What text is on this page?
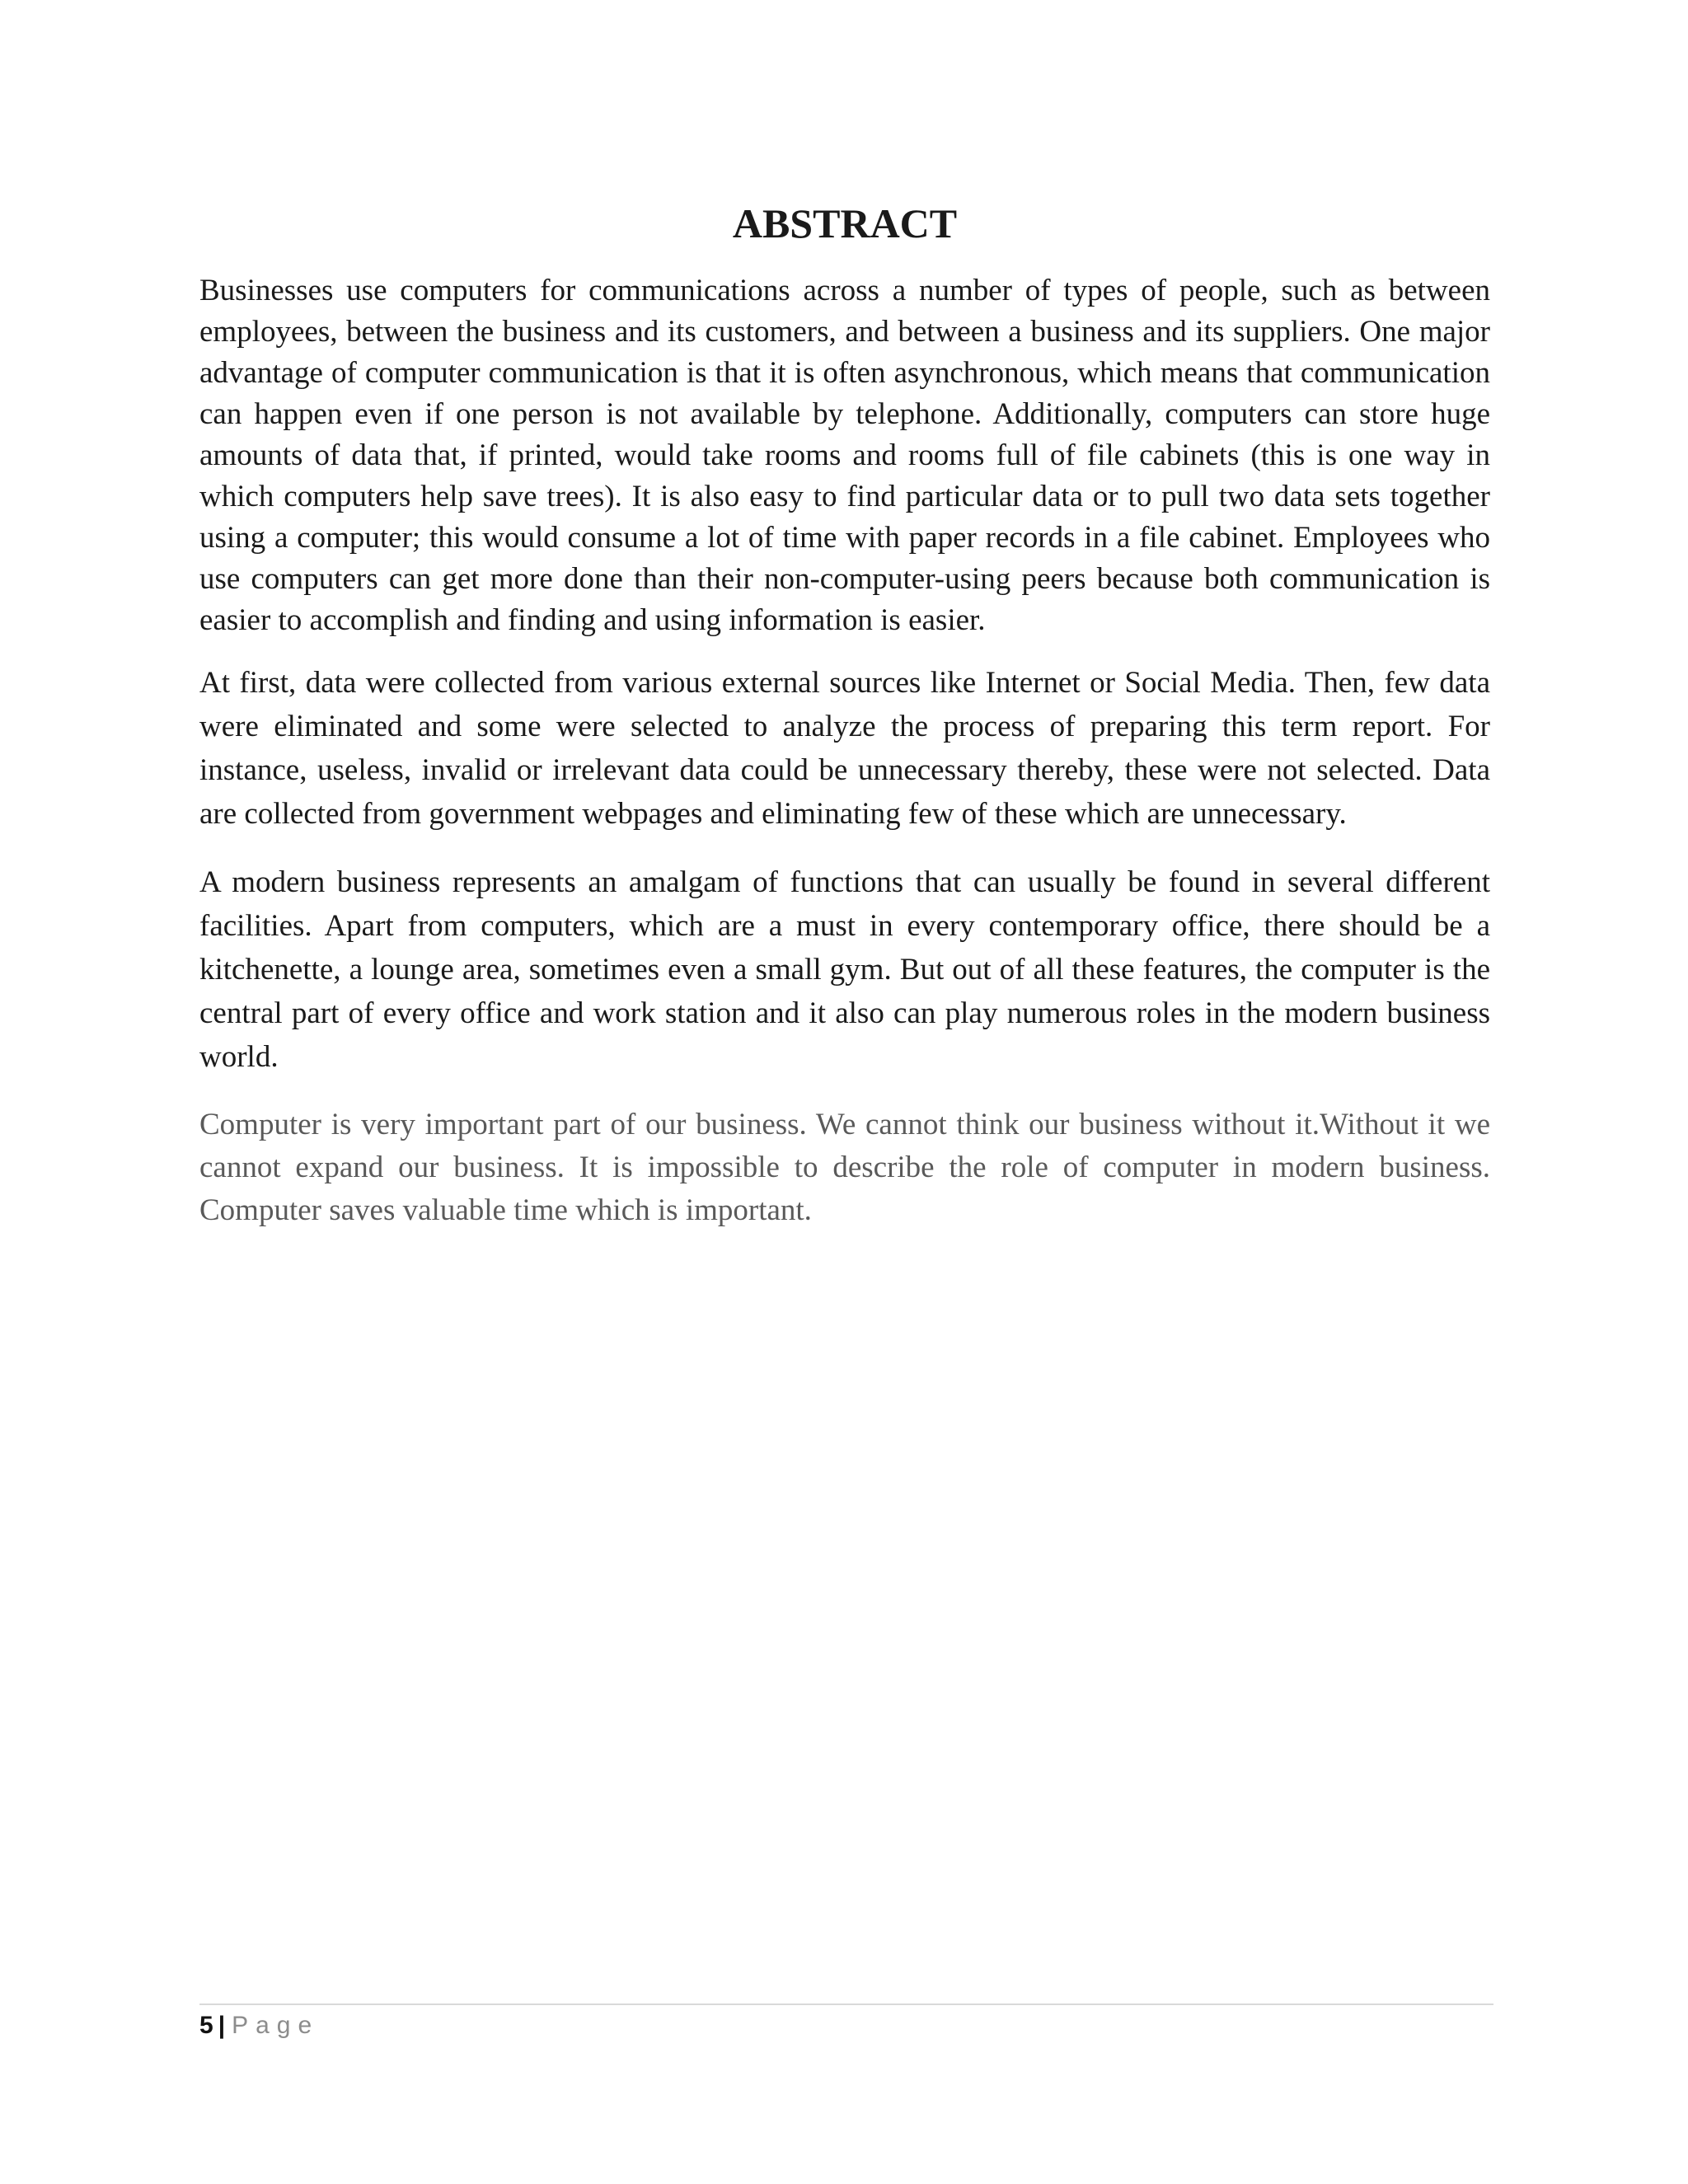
ABSTRACT

Businesses use computers for communications across a number of types of people, such as between employees, between the business and its customers, and between a business and its suppliers. One major advantage of computer communication is that it is often asynchronous, which means that communication can happen even if one person is not available by telephone. Additionally, computers can store huge amounts of data that, if printed, would take rooms and rooms full of file cabinets (this is one way in which computers help save trees). It is also easy to find particular data or to pull two data sets together using a computer; this would consume a lot of time with paper records in a file cabinet. Employees who use computers can get more done than their non-computer-using peers because both communication is easier to accomplish and finding and using information is easier.

At first, data were collected from various external sources like Internet or Social Media. Then, few data were eliminated and some were selected to analyze the process of preparing this term report. For instance, useless, invalid or irrelevant data could be unnecessary thereby, these were not selected. Data are collected from government webpages and eliminating few of these which are unnecessary.

A modern business represents an amalgam of functions that can usually be found in several different facilities. Apart from computers, which are a must in every contemporary office, there should be a kitchenette, a lounge area, sometimes even a small gym. But out of all these features, the computer is the central part of every office and work station and it also can play numerous roles in the modern business world.

Computer is very important part of our business. We cannot think our business without it.Without it we cannot expand our business. It is impossible to describe the role of computer in modern business. Computer saves valuable time which is important.

5 | Page
